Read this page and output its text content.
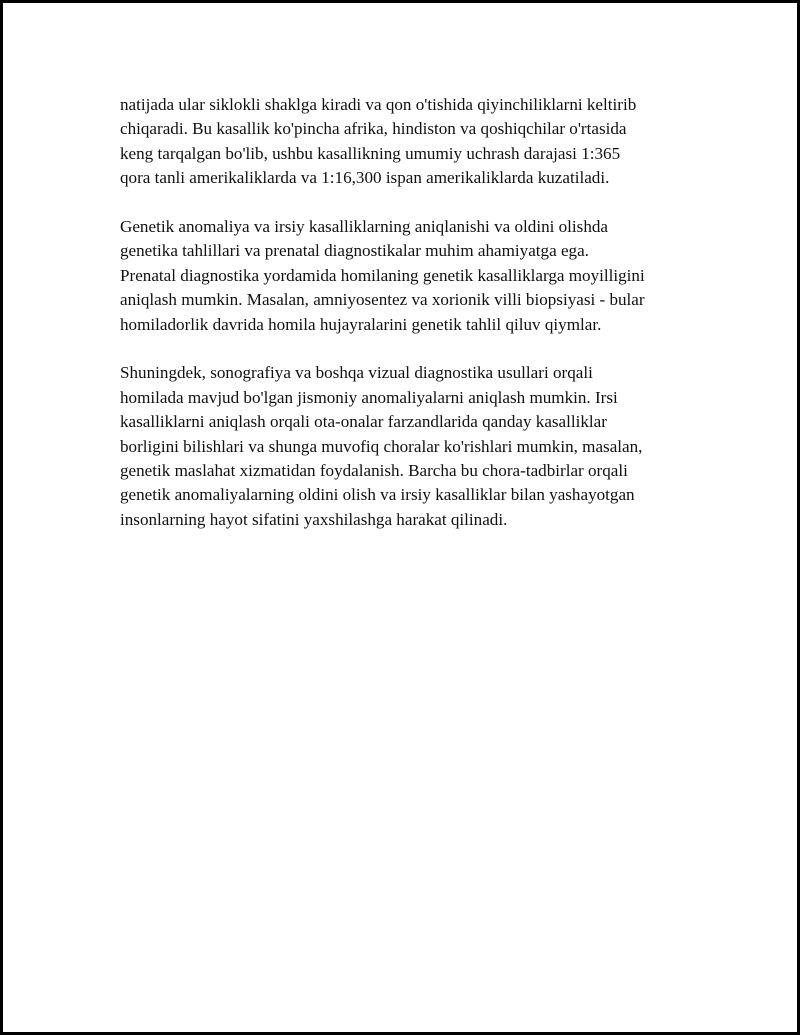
natijada ular siklokli shaklga kiradi va qon o'tishida qiyinchiliklarni keltirib
chiqaradi. Bu kasallik ko'pincha afrika, hindiston va qoshiqchilar o'rtasida
keng tarqalgan bo'lib, ushbu kasallikning umumiy uchrash darajasi 1:365
qora tanli amerikaliklarda va 1:16,300 ispan amerikaliklarda kuzatiladi.

Genetik anomaliya va irsiy kasalliklarning aniqlanishi va oldini olishda
genetika tahlillari va prenatal diagnostikalar muhim ahamiyatga ega.
Prenatal diagnostika yordamida homilaning genetik kasalliklarga moyilligini
aniqlash mumkin. Masalan, amniyosentez va xorionik villi biopsiyasi - bular
homiladorlik davrida homila hujayralarini genetik tahlil qiluv qiymlar.

Shuningdek, sonografiya va boshqa vizual diagnostika usullari orqali
homilada mavjud bo'lgan jismoniy anomaliyalarni aniqlash mumkin. Irsi
kasalliklarni aniqlash orqali ota-onalar farzandlarida qanday kasalliklar
borligini bilishlari va shunga muvofiq choralar ko'rishlari mumkin, masalan,
genetik maslahat xizmatidan foydalanish. Barcha bu chora-tadbirlar orqali
genetik anomaliyalarning oldini olish va irsiy kasalliklar bilan yashayotgan
insonlarning hayot sifatini yaxshilashga harakat qilinadi.
